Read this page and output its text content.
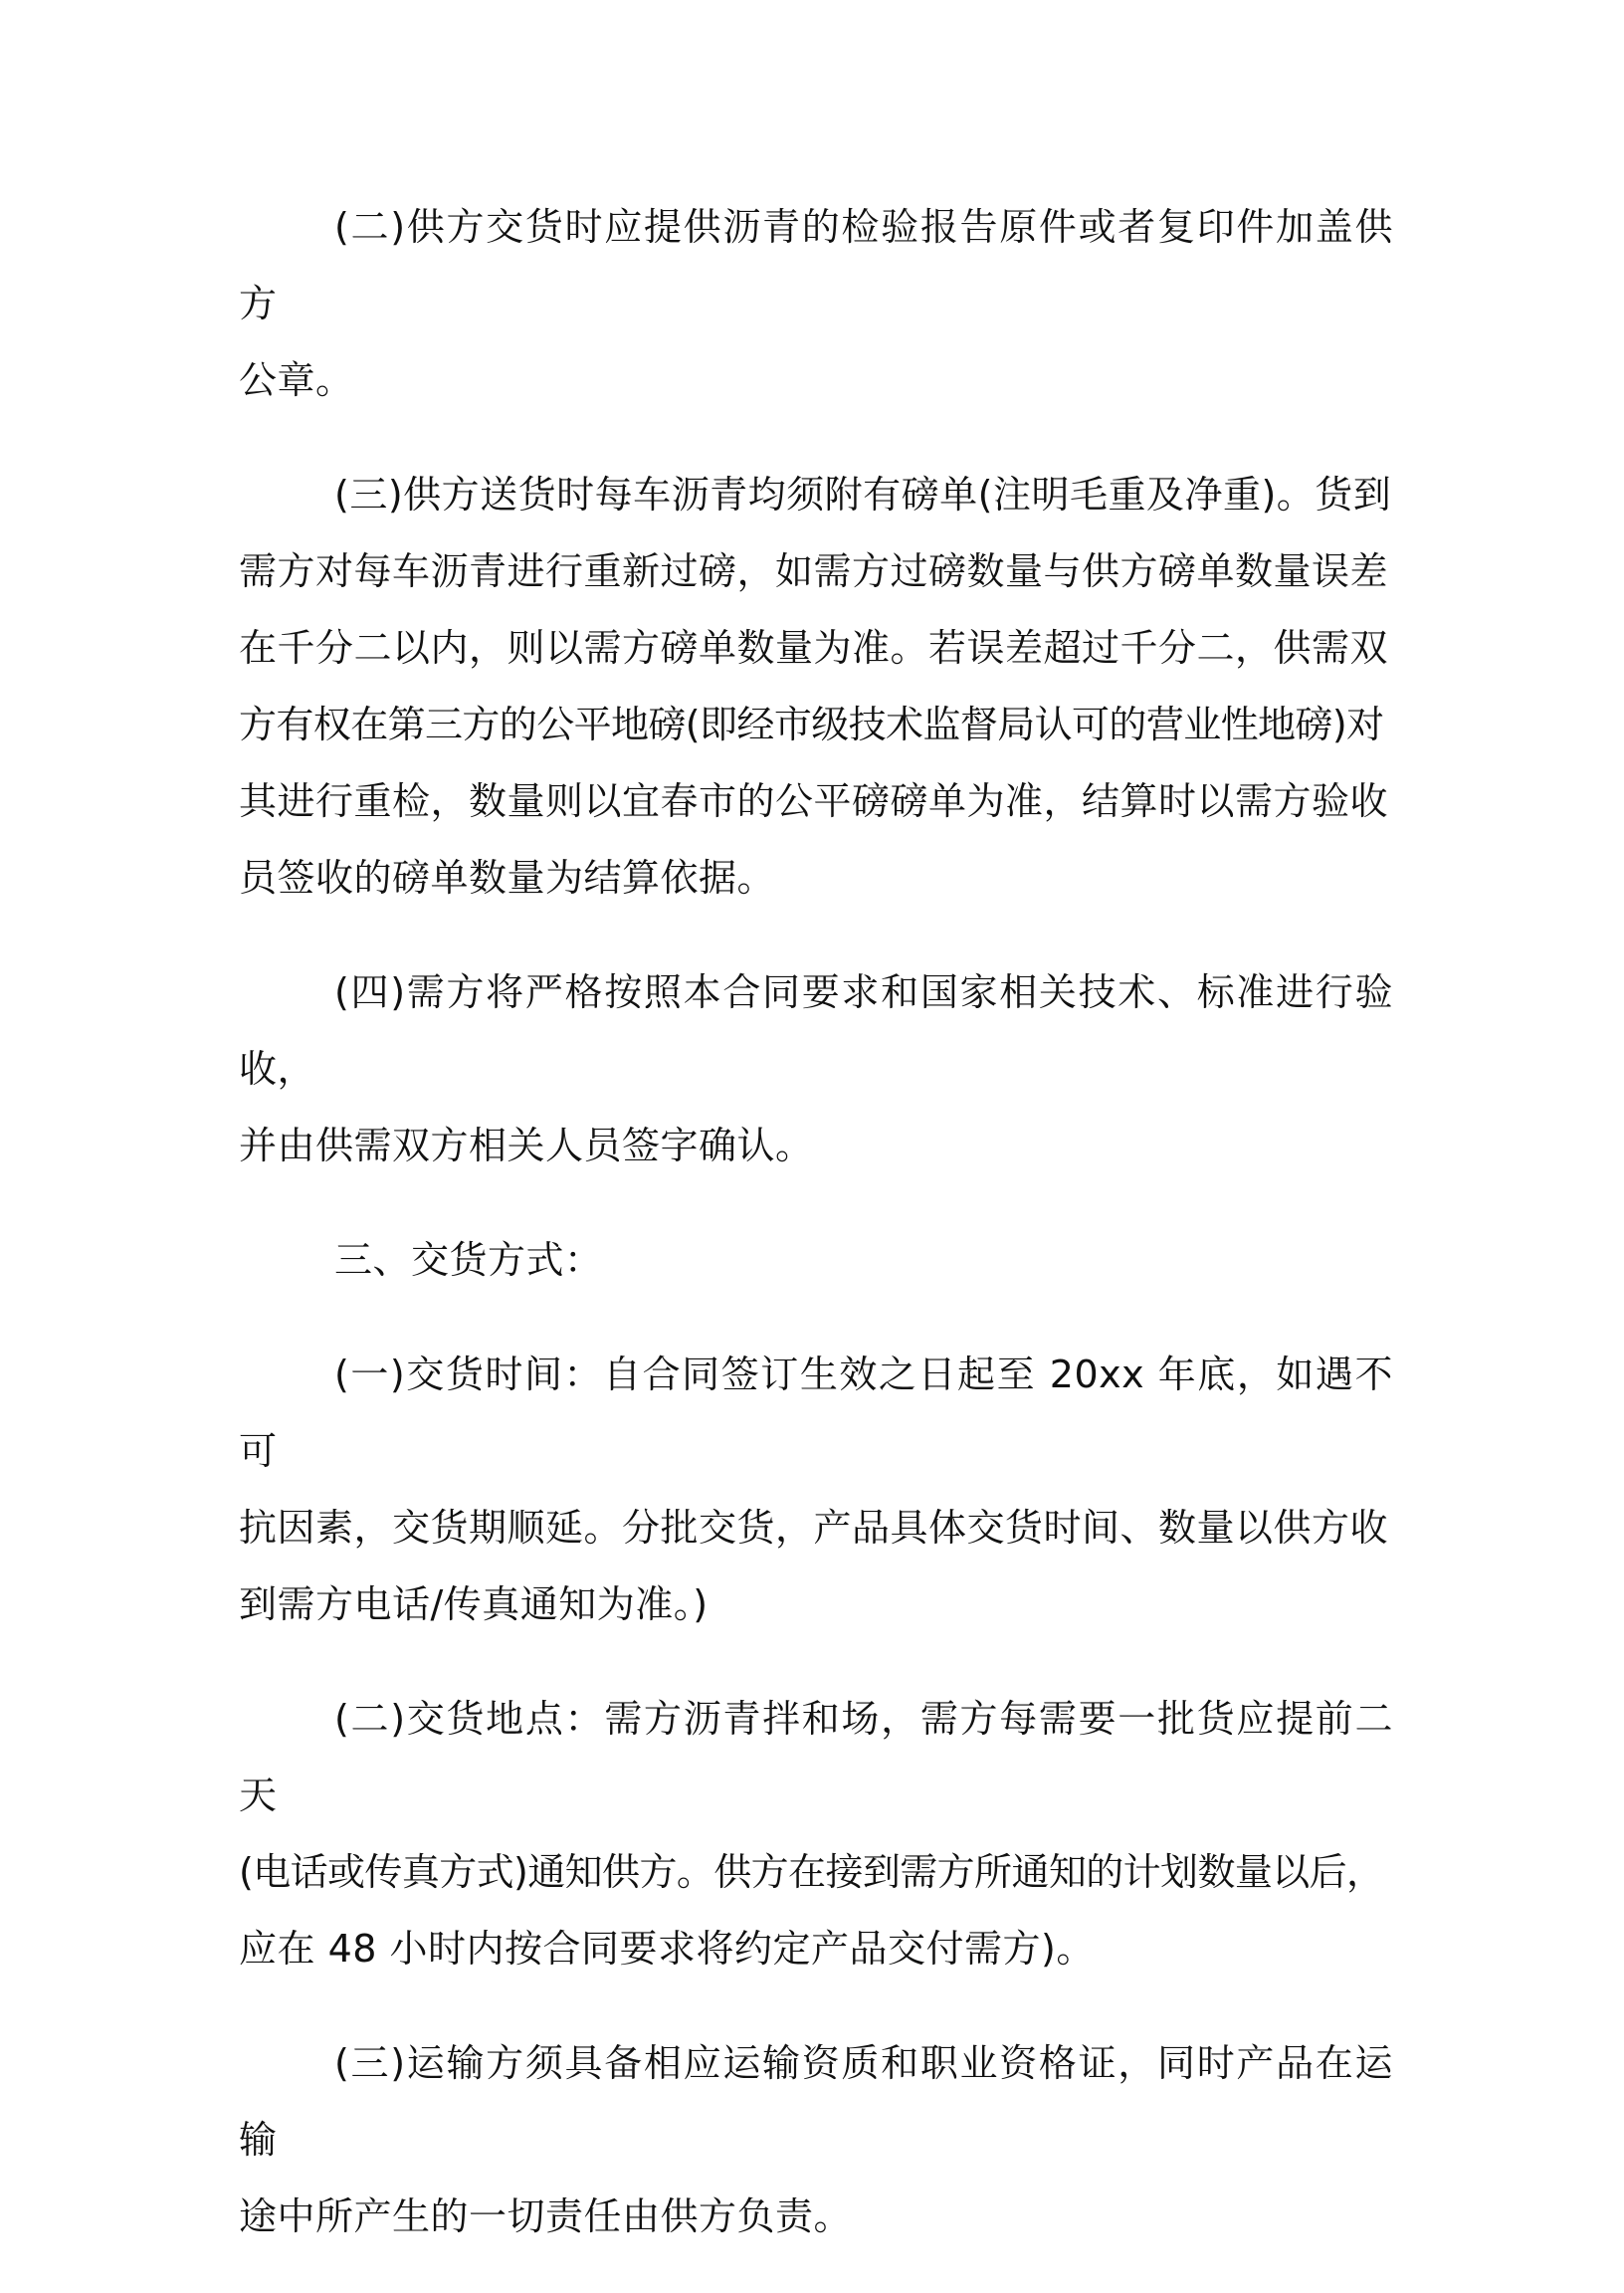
(二)供方交货时应提供沥青的检验报告原件或者复印件加盖供方
公章。

(三)供方送货时每车沥青均须附有磅单(注明毛重及净重)。货到
需方对每车沥青进行重新过磅，如需方过磅数量与供方磅单数量误差
在千分二以内，则以需方磅单数量为准。若误差超过千分二，供需双
方有权在第三方的公平地磅(即经市级技术监督局认可的营业性地磅)对
其进行重检，数量则以宜春市的公平磅磅单为准，结算时以需方验收
员签收的磅单数量为结算依据。

(四)需方将严格按照本合同要求和国家相关技术、标准进行验收，
并由供需双方相关人员签字确认。

三、交货方式：

(一)交货时间：自合同签订生效之日起至 20xx 年底，如遇不可
抗因素，交货期顺延。分批交货，产品具体交货时间、数量以供方收
到需方电话/传真通知为准。)

(二)交货地点：需方沥青拌和场，需方每需要一批货应提前二天
(电话或传真方式)通知供方。供方在接到需方所通知的计划数量以后，
应在 48 小时内按合同要求将约定产品交付需方)。

(三)运输方须具备相应运输资质和职业资格证，同时产品在运输
途中所产生的一切责任由供方负责。
